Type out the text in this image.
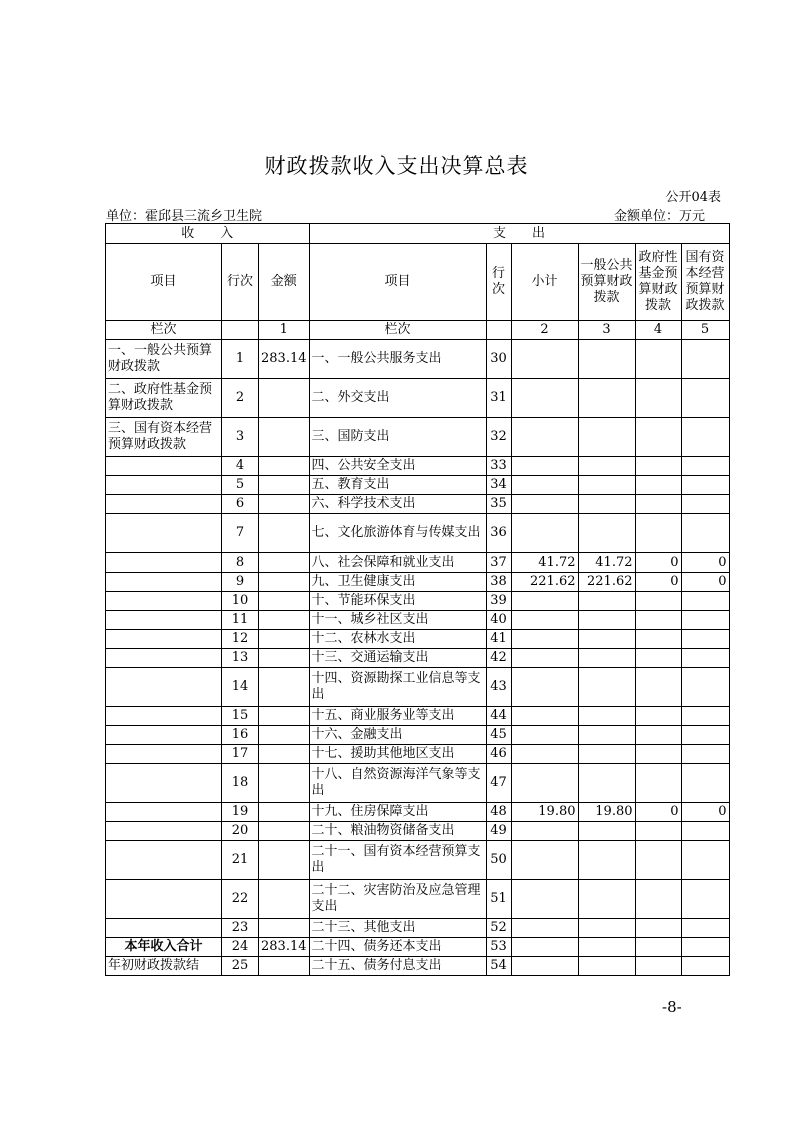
财政拨款收入支出决算总表
公开04表
单位：霍邱县三流乡卫生院	金额单位：万元
收　　入			支　　出					
项目	行次	金额	项目	行次	小计	一般公共预算财政拨款	政府性基金预算财政拨款	国有资本经营预算财政拨款
栏次		1	栏次		2	3	4	5
一、一般公共预算财政拨款	1	283.14	一、一般公共服务支出	30				
二、政府性基金预算财政拨款	2		二、外交支出	31				
三、国有资本经营预算财政拨款	3		三、国防支出	32				
	4		四、公共安全支出	33				
	5		五、教育支出	34				
	6		六、科学技术支出	35				
	7		七、文化旅游体育与传媒支出	36				
	8		八、社会保障和就业支出	37	41.72	41.72	0	0
	9		九、卫生健康支出	38	221.62	221.62	0	0
	10		十、节能环保支出	39				
	11		十一、城乡社区支出	40				
	12		十二、农林水支出	41				
	13		十三、交通运输支出	42				
	14		十四、资源勘探工业信息等支出	43				
	15		十五、商业服务业等支出	44				
	16		十六、金融支出	45				
	17		十七、援助其他地区支出	46				
	18		十八、自然资源海洋气象等支出	47				
	19		十九、住房保障支出	48	19.80	19.80	0	0
	20		二十、粮油物资储备支出	49				
	21		二十一、国有资本经营预算支出	50				
	22		二十二、灾害防治及应急管理支出	51				
	23		二十三、其他支出	52				
本年收入合计	24	283.14	二十四、债务还本支出	53				
年初财政拨款结	25		二十五、债务付息支出	54				
-8-
